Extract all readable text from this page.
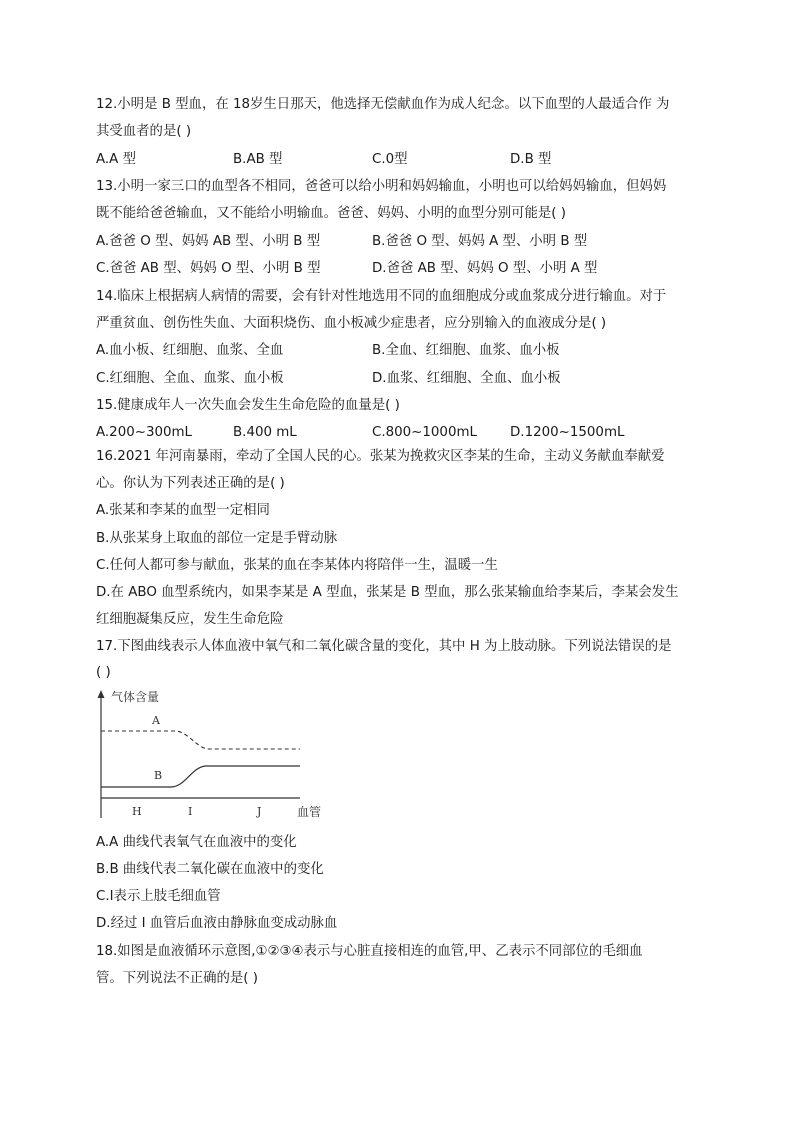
12.小明是 B 型血，在 18岁生日那天，他选择无偿献血作为成人纪念。以下血型的人最适合作 为
其受血者的是( )
A.A 型	B.AB 型	C.0型	D.B 型
13.小明一家三口的血型各不相同，爸爸可以给小明和妈妈输血，小明也可以给妈妈输血，但妈妈
既不能给爸爸输血，又不能给小明输血。爸爸、妈妈、小明的血型分别可能是( )
A.爸爸 O 型、妈妈 AB 型、小明 B 型	B.爸爸 O 型、妈妈 A 型、小明 B 型
C.爸爸 AB 型、妈妈 O 型、小明 B 型	D.爸爸 AB 型、妈妈 O 型、小明 A 型
14.临床上根据病人病情的需要，会有针对性地选用不同的血细胞成分或血浆成分进行输血。对于
严重贫血、创伤性失血、大面积烧伤、血小板减少症患者，应分别输入的血液成分是( )
A.血小板、红细胞、血浆、全血	B.全血、红细胞、血浆、血小板
C.红细胞、全血、血浆、血小板	D.血浆、红细胞、全血、血小板
15.健康成年人一次失血会发生生命危险的血量是( )
A.200~300mL	B.400 mL	C.800~1000mL D.1200~1500mL
16.2021 年河南暴雨，牵动了全国人民的心。张某为挽救灾区李某的生命，主动义务献血奉献爱
心。你认为下列表述正确的是( )
A.张某和李某的血型一定相同
B.从张某身上取血的部位一定是手臂动脉
C.任何人都可参与献血，张某的血在李某体内将陪伴一生，温暖一生
D.在 ABO 血型系统内，如果李某是 A 型血，张某是 B 型血，那么张某输血给李某后，李某会发生
红细胞凝集反应，发生生命危险
17.下图曲线表示人体血液中氧气和二氧化碳含量的变化，其中 H 为上肢动脉。下列说法错误的是
( )
气体含量
A
B
H	I	J	血管
A.A 曲线代表氧气在血液中的变化
B.B 曲线代表二氧化碳在血液中的变化
C.I表示上肢毛细血管
D.经过 I 血管后血液由静脉血变成动脉血
18.如图是血液循环示意图,①②③④表示与心脏直接相连的血管,甲、乙表示不同部位的毛细血
管。下列说法不正确的是( )
